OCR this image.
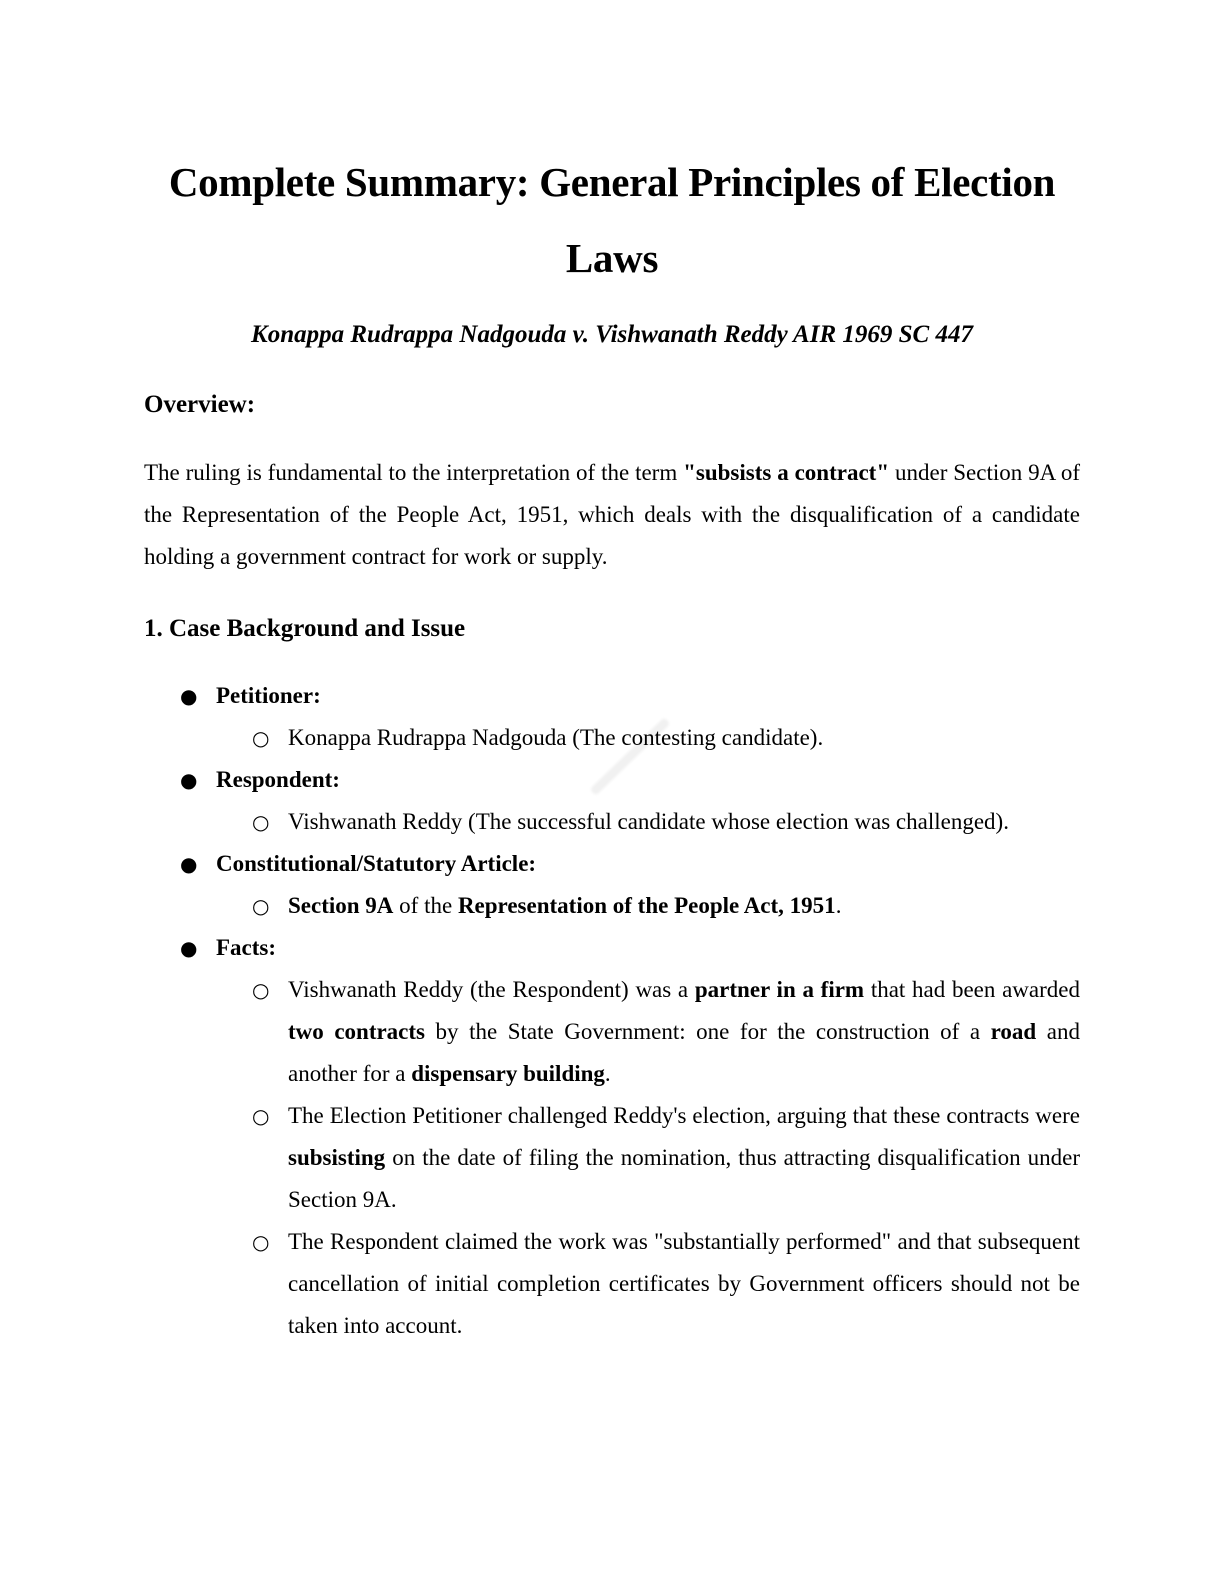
Complete Summary: General Principles of Election
Laws
Konappa Rudrappa Nadgouda v. Vishwanath Reddy AIR 1969 SC 447
Overview:
The ruling is fundamental to the interpretation of the term "subsists a contract" under Section 9A of the Representation of the People Act, 1951, which deals with the disqualification of a candidate holding a government contract for work or supply.
1. Case Background and Issue
● Petitioner:
○ Konappa Rudrappa Nadgouda (The contesting candidate).
● Respondent:
○ Vishwanath Reddy (The successful candidate whose election was challenged).
● Constitutional/Statutory Article:
○ Section 9A of the Representation of the People Act, 1951.
● Facts:
○ Vishwanath Reddy (the Respondent) was a partner in a firm that had been awarded two contracts by the State Government: one for the construction of a road and another for a dispensary building.
○ The Election Petitioner challenged Reddy's election, arguing that these contracts were subsisting on the date of filing the nomination, thus attracting disqualification under Section 9A.
○ The Respondent claimed the work was "substantially performed" and that subsequent cancellation of initial completion certificates by Government officers should not be taken into account.
